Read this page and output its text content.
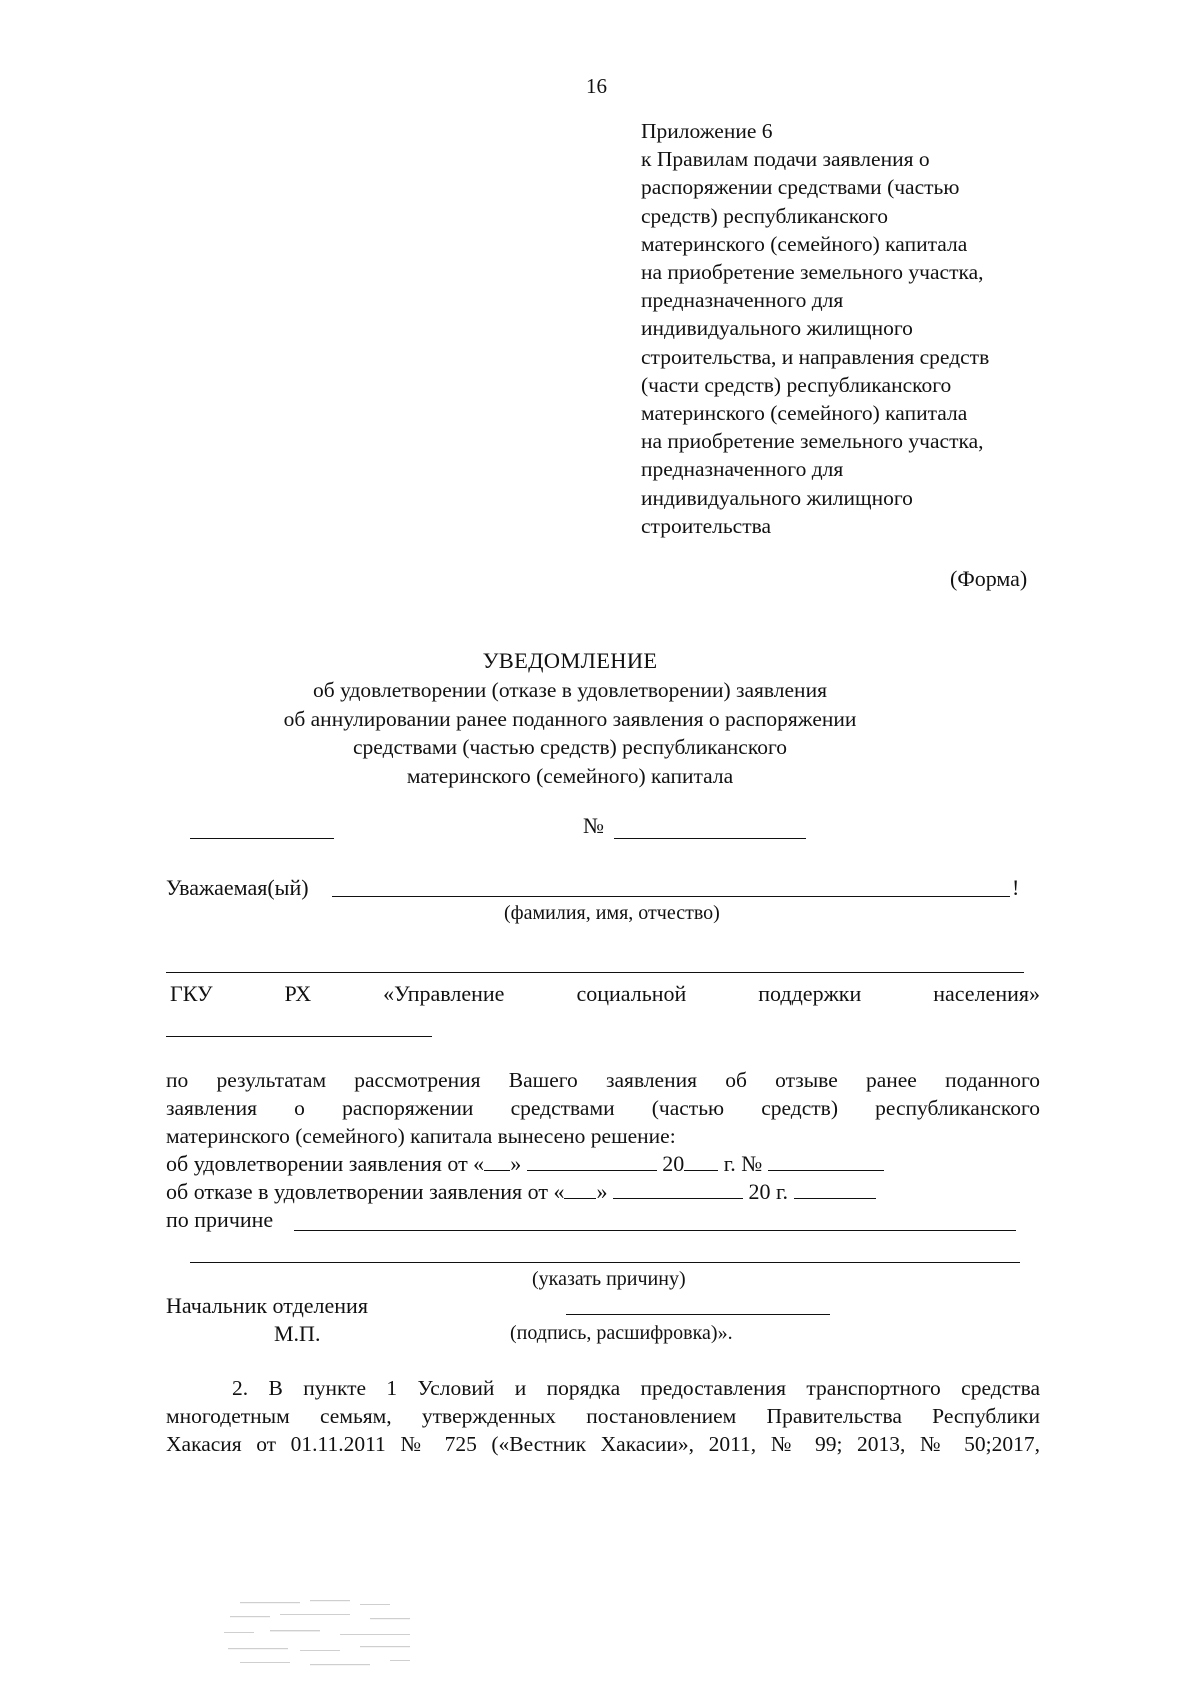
16
Приложение 6
к Правилам подачи заявления о
распоряжении средствами (частью
средств) республиканского
материнского (семейного) капитала
на приобретение земельного участка,
предназначенного для
индивидуального жилищного
строительства, и направления средств
(части средств) республиканского
материнского (семейного) капитала
на приобретение земельного участка,
предназначенного для
индивидуального жилищного
строительства
(Форма)
УВЕДОМЛЕНИЕ
об удовлетворении (отказе в удовлетворении) заявления
об аннулировании ранее поданного заявления о распоряжении
средствами (частью средств) республиканского
материнского (семейного) капитала
№
Уважаемая(ый)	!
(фамилия, имя, отчество)
ГКУ	РХ	«Управление	социальной	поддержки	населения»
по результатам рассмотрения Вашего заявления об отзыве ранее поданного
заявления о распоряжении средствами (частью средств) республиканского
материнского (семейного) капитала вынесено решение:
об удовлетворении заявления от « »	20 г. №
об отказе в удовлетворении заявления от « »	20 г.
по причине
(указать причину)
Начальник отделения
М.П.	(подпись, расшифровка)».
2. В пункте 1 Условий и порядка предоставления транспортного средства
многодетным семьям, утвержденных постановлением Правительства Республики
Хакасия от 01.11.2011 № 725 («Вестник Хакасии», 2011, № 99; 2013, № 50;2017,
